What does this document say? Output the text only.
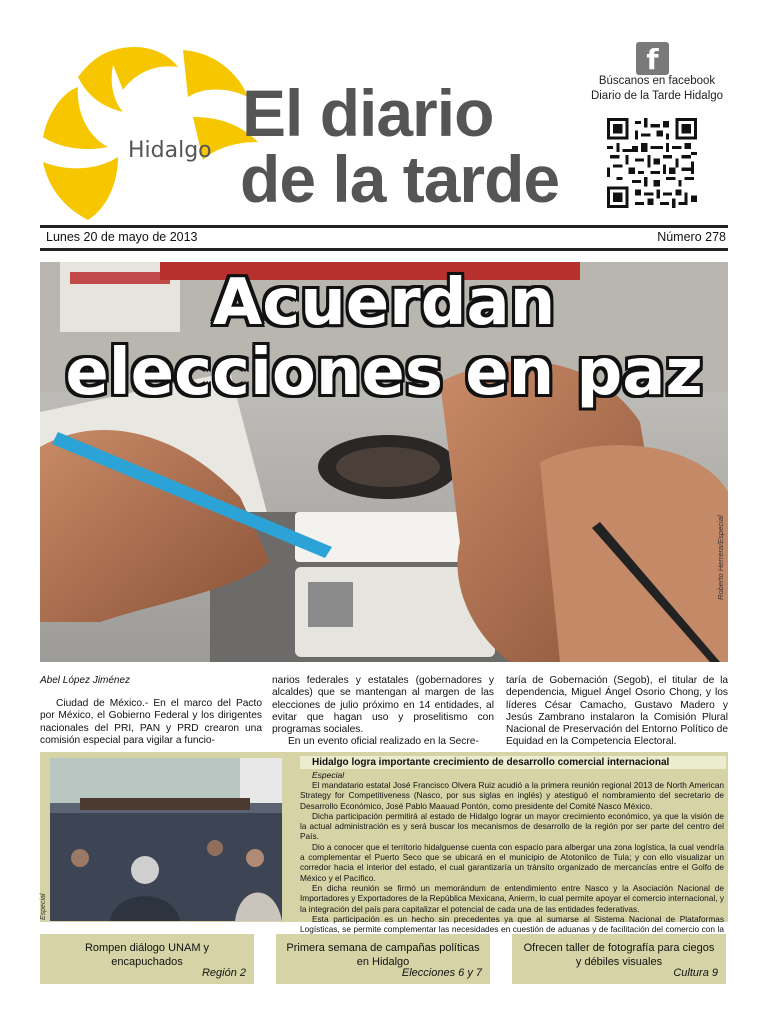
Hidalgo
El diario
de la tarde
f
Búscanos en facebook
Diario de la Tarde Hidalgo
Lunes 20 de mayo de 2013	Número 278
Acuerdan
elecciones en paz
Roberto Herrera/Especial
Abel López Jiménez
Ciudad de México.- En el marco del Pacto por México, el Gobierno Federal y los dirigentes nacionales del PRI, PAN y PRD crearon una comisión especial para vigilar a funcio-
narios federales y estatales (gobernadores y alcaldes) que se mantengan al margen de las elecciones de julio próximo en 14 entidades, al evitar que hagan uso y proselitismo con programas sociales.
En un evento oficial realizado en la Secre-
taría de Gobernación (Segob), el titular de la dependencia, Miguel Ángel Osorio Chong, y los líderes César Camacho, Gustavo Madero y Jesús Zambrano instalaron la Comisión Plural Nacional de Preservación del Entorno Político de Equidad en la Competencia Electoral.
Especial
Hidalgo logra importante crecimiento de desarrollo comercial internacional
Especial

El mandatario estatal José Francisco Olvera Ruiz acudió a la primera reunión regional 2013 de North American Strategy for Competitiveness (Nasco, por sus siglas en inglés) y atestiguó el nombramiento del secretario de Desarrollo Económico, José Pablo Maauad Pontón, como presidente del Comité Nasco México.

Dicha participación permitirá al estado de Hidalgo lograr un mayor crecimiento económico, ya que la visión de la actual administración es y será buscar los mecanismos de desarrollo de la región por ser parte del centro del País.

Dio a conocer que el territorio hidalguense cuenta con espacio para albergar una zona logística, la cual vendría a complementar el Puerto Seco que se ubicará en el municipio de Atotonilco de Tula; y con ello visualizar un corredor hacia el interior del estado, el cual garantizaría un tránsito organizado de mercancías entre el Golfo de México y el Pacífico.

En dicha reunión se firmó un memorándum de entendimiento entre Nasco y la Asociación Nacional de Importadores y Exportadores de la República Mexicana, Anierm, lo cual permite apoyar el comercio internacional, y la integración del país para capitalizar el potencial de cada una de las entidades federativas.

Esta participación es un hecho sin precedentes ya que al sumarse al Sistema Nacional de Plataformas Logísticas, se permite complementar las necesidades en cuestión de aduanas y de facilitación del comercio con la

Rompen diálogo UNAM y encapuchados
Región 2
Primera semana de campañas políticas en Hidalgo
Elecciones 6 y 7
Ofrecen taller de fotografía para ciegos y débiles visuales
Cultura 9
